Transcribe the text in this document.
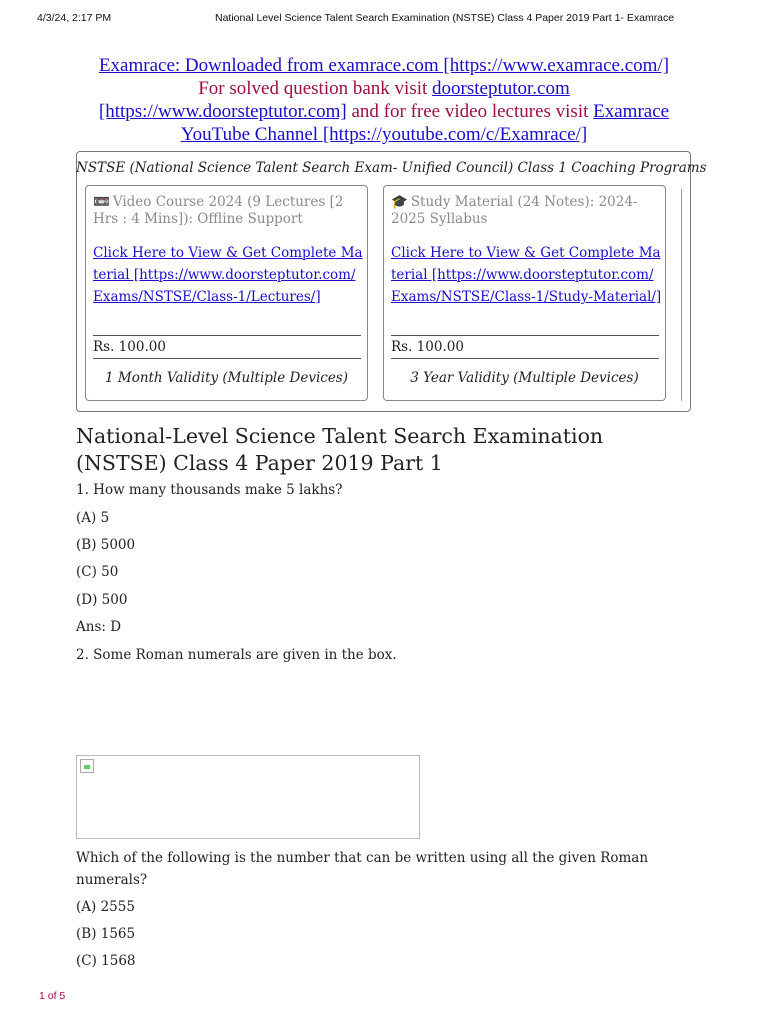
4/3/24, 2:17 PM	National Level Science Talent Search Examination (NSTSE) Class 4 Paper 2019 Part 1- Examrace
Examrace: Downloaded from examrace.com [https://www.examrace.com/]
For solved question bank visit doorsteptutor.com
[https://www.doorsteptutor.com] and for free video lectures visit Examrace
YouTube Channel [https://youtube.com/c/Examrace/]
NSTSE (National Science Talent Search Exam- Unified Council) Class 1 Coaching Programs
📼 Video Course 2024 (9 Lectures [2 Hrs : 4 Mins]): Offline Support
Click Here to View & Get Complete Material [https://www.doorsteptutor.com/Exams/NSTSE/Class-1/Lectures/]
Rs. 100.00
1 Month Validity (Multiple Devices)
🎓 Study Material (24 Notes): 2024-2025 Syllabus
Click Here to View & Get Complete Material [https://www.doorsteptutor.com/Exams/NSTSE/Class-1/Study-Material/]
Rs. 100.00
3 Year Validity (Multiple Devices)
National-Level Science Talent Search Examination (NSTSE) Class 4 Paper 2019 Part 1
1. How many thousands make 5 lakhs?
(A) 5
(B) 5000
(C) 50
(D) 500
Ans: D
2. Some Roman numerals are given in the box.
Which of the following is the number that can be written using all the given Roman numerals?
(A) 2555
(B) 1565
(C) 1568
1 of 5
